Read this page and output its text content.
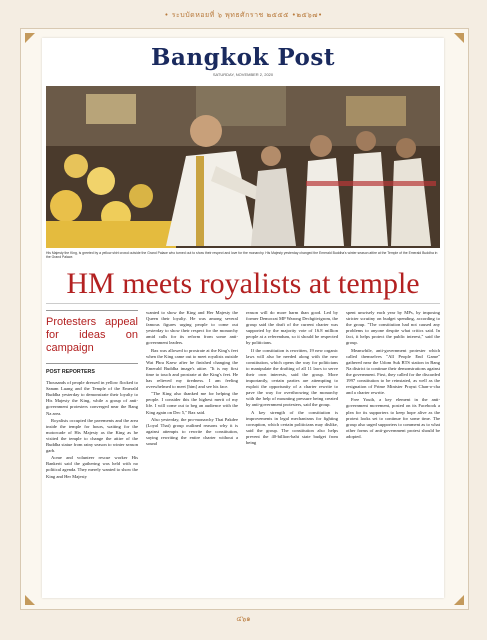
• ระบบัดหอยที่ ๖ พุทธศักราช ๒๕๕๕ •๒๕๖๗•
Bangkok Post
SATURDAY, NOVEMBER 2, 2020
His Majesty the King, is greeted by a yellow shirt crowd outside the Grand Palace who turned out to show their respect and love for the monarchy. His Majesty yesterday changed the Emerald Buddha's winter season attire at the Temple of the Emerald Buddha in the Grand Palace.
HM meets royalists at temple
Protesters appeal for ideas on campaign
POST REPORTERS

Thousands of people dressed in yellow flocked to Sanam Luang and the Temple of the Emerald Buddha yesterday to demonstrate their loyalty to His Majesty the King, while a group of anti-government protesters converged near the Bang Na area.

Royalists occupied the pavements and the area inside the temple for hours, waiting for the motorcade of His Majesty as the King as he visited the temple to change the attire of the Buddha statue from rainy season to winter season garb.

Acme and volunteer rescue worker His Bankerit said the gathering was held with no political agenda. They merely wanted to show the King and Her Majesty

wanted to show the King and Her Majesty the Queen their loyalty. He was among several famous figures urging people to come out yesterday to show their respect for the monarchy amid calls for its reform from some anti-government leaders.

Bax was allowed to prostrate at the King's feet when the King came out to meet royalists outside Wat Phra Kaew after he finished changing the Emerald Buddha image's attire. "It is my first time to touch and prostrate at the King's feet. He has relieved my tiredness. I am feeling overwhelmed to meet [him] and see his face.

"The King also thanked me for helping the people. I consider this the highest merit of my life. I will come out to beg an audience with the King again on Dec 5," Bax said.

Also yesterday, the pro-monarchy Thai Pakdee (Loyal Thai) group outlined reasons why it is against attempts to rewrite the constitution, saying rewriting the entire charter without a sound

reason will do more harm than good. Led by former Democrat MP Warong Dechgitvigrom, the group said the draft of the current charter was supported by the majority vote of 16.8 million people at a referendum, so it should be respected by politicians.

If the constitution is rewritten, 19 new organic laws will also be needed along with the new constitution, which opens the way for politicians to manipulate the drafting of all 11 laws to serve their own interests, said the group. More importantly, certain parties are attempting to exploit the opportunity of a charter rewrite to pave the way for overthrowing the monarchy with the help of mounting pressure being created by anti-government protesters, said the group.

A key strength of the constitution is improvements in legal mechanisms for fighting corruption, which certain politicians may dislike, said the group. The constitution also helps prevent the 40-billion-baht state budget from being

spent unwisely each year by MPs, by imposing stricter scrutiny on budget spending, according to the group. "The constitution had not caused any problems to anyone despite what critics said. In fact, it helps protect the public interest," said the group.

Meanwhile, anti-government protester which called themselves "All People End Game" gathered near the Udom Suk BTS station in Bang Na district to continue their demonstrations against the government. First, they called for the discarded 1997 constitution to be reinstated, as well as the resignation of Prime Minister Prayut Chan-o-cha and a charter rewrite.

Free Youth, a key element in the anti-government movement, posted on its Facebook a plea for its supporters to keep hope alive as the protest looks set to continue for some time. The group also urged supporters to comment as to what other forms of anti-government protest should be adopted.

๔๖๑
